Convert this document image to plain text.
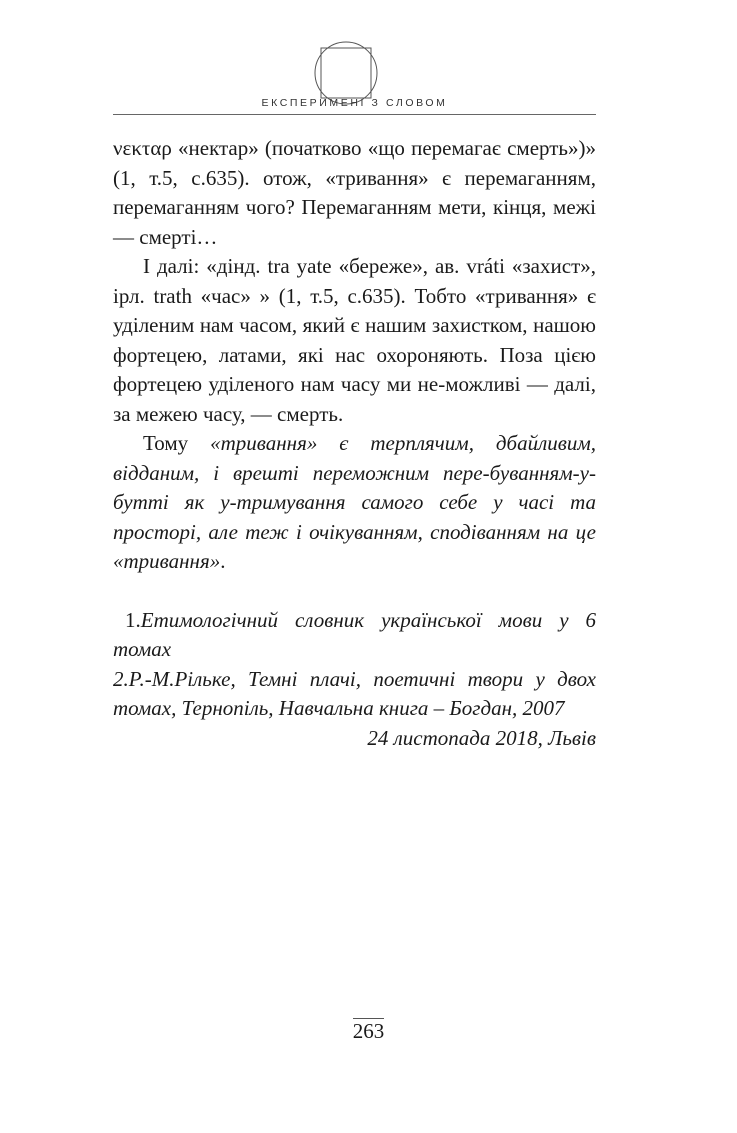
ЕКСПЕРИМЕНІ З СЛОВОМ

νεκταρ «нектар» (початково «що перемагає смерть»)» (1, т.5, с.635). отож, «тривання» є перемаганням, перемаганням чого? Перемаганням мети, кінця, межі — смерті…

І далі: «дінд. tra yate «береже», ав. vráti «захист», ірл. trath «час» » (1, т.5, с.635). Тобто «тривання» є уділеним нам часом, який є нашим захистком, нашою фортецею, латами, які нас охороняють. Поза цією фортецею уділеного нам часу ми не-можливі — далі, за межею часу, — смерть.

Тому «тривання» є терплячим, дбайливим, відданим, і врешті переможним пере-буванням-у-бутті як у-тримування самого себе у часі та просторі, але теж і очікуванням, сподіванням на це «тривання».

1.Етимологічний словник української мови у 6 томах

2.Р.-М.Рільке, Темні плачі, поетичні твори у двох томах, Тернопіль, Навчальна книга – Богдан, 2007

24 листопада 2018, Львів

263
